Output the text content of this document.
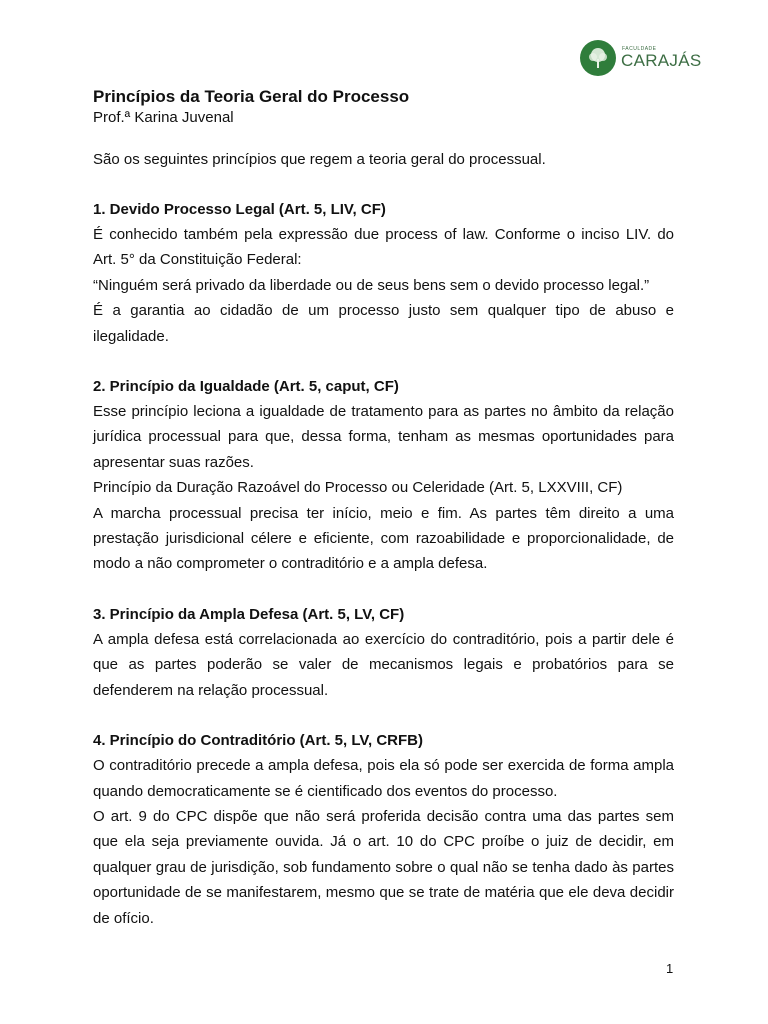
FACULDADE
CARAJÁS
Princípios da Teoria Geral do Processo

Prof.ª Karina Juvenal

São os seguintes princípios que regem a teoria geral do processual.

1. Devido Processo Legal (Art. 5, LIV, CF)

É conhecido também pela expressão due process of law. Conforme o inciso LIV. do Art. 5° da Constituição Federal:

“Ninguém será privado da liberdade ou de seus bens sem o devido processo legal.”

É a garantia ao cidadão de um processo justo sem qualquer tipo de abuso e ilegalidade.

2. Princípio da Igualdade (Art. 5, caput, CF)

Esse princípio leciona a igualdade de tratamento para as partes no âmbito da relação jurídica processual para que, dessa forma, tenham as mesmas oportunidades para apresentar suas razões.

Princípio da Duração Razoável do Processo ou Celeridade (Art. 5, LXXVIII, CF)

A marcha processual precisa ter início, meio e fim. As partes têm direito a uma prestação jurisdicional célere e eficiente, com razoabilidade e proporcionalidade, de modo a não comprometer o contraditório e a ampla defesa.

3. Princípio da Ampla Defesa (Art. 5, LV, CF)

A ampla defesa está correlacionada ao exercício do contraditório, pois a partir dele é que as partes poderão se valer de mecanismos legais e probatórios para se defenderem na relação processual.

4. Princípio do Contraditório (Art. 5, LV, CRFB)

O contraditório precede a ampla defesa, pois ela só pode ser exercida de forma ampla quando democraticamente se é cientificado dos eventos do processo.

O art. 9 do CPC dispõe que não será proferida decisão contra uma das partes sem que ela seja previamente ouvida. Já o art. 10 do CPC proíbe o juiz de decidir, em qualquer grau de jurisdição, sob fundamento sobre o qual não se tenha dado às partes oportunidade de se manifestarem, mesmo que se trate de matéria que ele deva decidir de ofício.

1
